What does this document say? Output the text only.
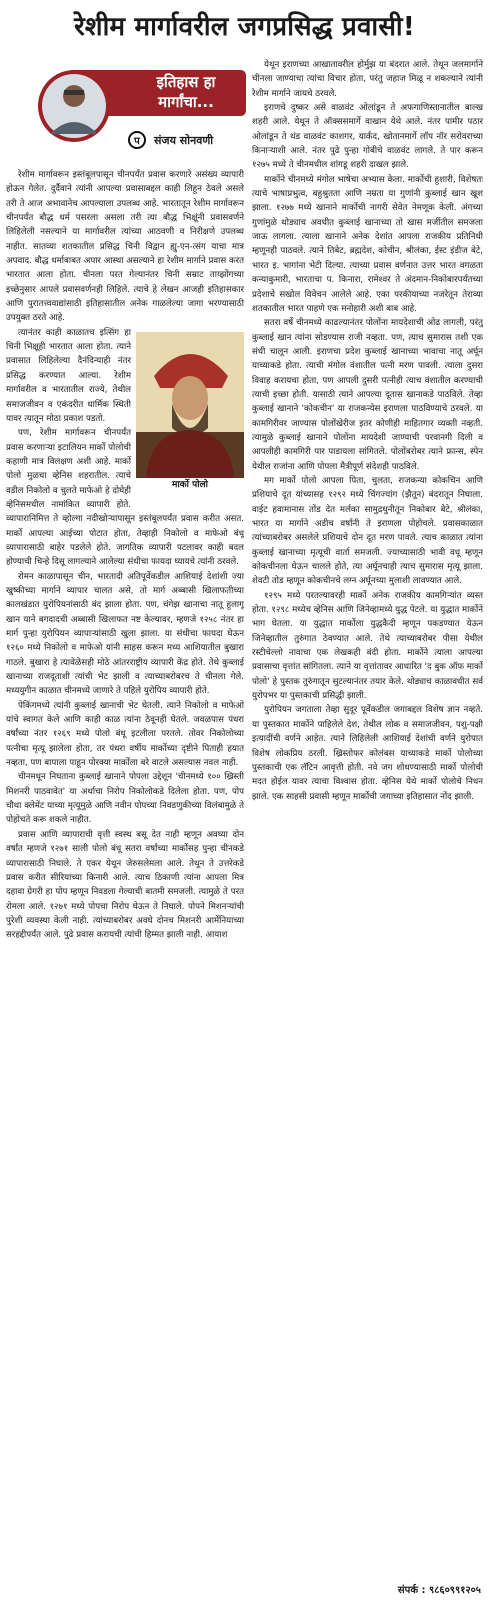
रेशीम मार्गावरील जगप्रसिद्ध प्रवासी!
इतिहास हा मार्गांचा...
प	संजय सोनवणी

रेशीम मार्गावरून इस्तंबूलपासून चीनपर्यंत प्रवास करणारे असंख्य व्यापारी होऊन गेलेत. दुर्दैवाने त्यांनी आपल्या प्रवासाबद्दल काही लिहून ठेवले असले तरी ते आज अभावानेच आपल्याला उपलब्ध आहे. भारतातून रेशीम मार्गावरून चीनपर्यंत बौद्ध धर्म पसरला असला तरी त्या बौद्ध भिक्षूंनी प्रवासवर्णने लिहिलेली नसल्याने या मार्गावरील त्यांच्या आठवणी व निरीक्षणे उपलब्ध नाहीत. सातव्या शतकातील प्रसिद्ध चिनी विद्वान ह्यु-एन-त्संग याचा मात्र अपवाद. बौद्ध धर्माबाबत अपार आस्था असल्याने हा रेशीम मार्गाने प्रवास करत भारतात आला होता. चीनला परत गेल्यानंतर चिनी सम्राट ताय्झोंगच्या इच्छेनुसार आपले प्रवासवर्णनही लिहिले. त्याचे हे लेखन आजही इतिहासकार आणि पुरातत्त्ववाद्यांसाठी इतिहासातील अनेक गाळलेल्या जागा भरण्यासाठी उपयुक्त ठरते आहे.

मार्को पोलो

त्यानंतर काही काळातच इत्सिंग हा चिनी भिक्षूही भारतात आला होता. त्याने प्रवासात लिहिलेल्या दैनंदिन्याही नंतर प्रसिद्ध करण्यात आल्या. रेशीम मार्गावरील व भारतातील राज्ये, तेथील समाजजीवन व एकंदरीत धार्मिक स्थिती यावर त्यातून मोठा प्रकाश पडतो.

पण, रेशीम मार्गावरून चीनपर्यंत प्रवास करणाऱ्या इटालियन मार्को पोलोची कहाणी मात्र विलक्षण अशी आहे. मार्को पोलो मुळचा व्हेनिस शहरातील. त्याचे वडील निकोलो व चुलते माफेओ हे दोघेही व्हेनिसमधील नामांकित व्यापारी होते. व्यापारानिमित्त ते व्होल्गा नदीखोऱ्यापासून इस्तंबूलपर्यंत प्रवास करीत असत. मार्को आपल्या आईच्या पोटात होता, तेव्हाही निकोलो व माफेओ बंधू व्यापारासाठी बाहेर पडलेले होते. जागतिक व्यापारी पटलावर काही बदल होण्याची चिन्हे दिसू लागल्याने आलेल्या संधीचा फायदा घ्यायचे त्यांनी ठरवले.

रोमन काळापासून चीन, भारतादी अतिपूर्वेकडील आशियाई देशांशी ज्या खुष्कीच्या मार्गाने व्यापार चालत असे, तो मार्ग अब्बासी खिलाफतीच्या कालखंडात युरोपियनांसाठी बंद झाला होता. पण, चंगेझ खानाचा नातू हुलागू खान याने बगदादची अब्बासी खिलाफत नष्ट केल्यावर, म्हणजे १२५८ नंतर हा मार्ग पुन्हा युरोपियन व्यापाऱ्यांसाठी खुला झाला. या संधीचा फायदा घेऊन १२६० मध्ये निकोलो व माफेओ यांनी साहस करून मध्य आशियातील बुखारा गाठले. बुखारा हे त्यावेळेसही मोठे आंतरराष्ट्रीय व्यापारी केंद्र होते. तेथे कुब्लाई खानाच्या राजदूताशी त्यांची भेट झाली व त्याच्याबरोबरच ते चीनला गेले. मध्ययुगीन काळात चीनमध्ये जाणारे ते पहिले युरोपिय व्यापारी होते.

पेकिंगमध्ये त्यांनी कुब्लाई खानाची भेट घेतली. त्याने निकोलो व माफेओ यांचे स्वागत केले आणि काही काळ त्यांना ठेवूनही घेतले. जवळपास पंधरा वर्षांच्या नंतर १२६९ मध्ये पोलो बंधू इटलीला परतले. तोवर निकोलोच्या पत्नीचा मृत्यू झालेला होता, तर पंधरा वर्षीय मार्कोच्या दृष्टीने पिताही हयात नव्हता, पण बापाला पाहून पोरक्या मार्कोला बरे वाटले असल्यास नवल नाही.

चीनमधून निघताना कुब्लाई खानाने पोपला उद्देशून 'चीनमध्ये १०० ख्रिस्ती मिशनरी पाठवावेत' या अर्थाचा निरोप निकोलोकडे दिलेला होता. पण, पोप चौथा क्लेमेंट याच्या मृत्यूमुळे आणि नवीन पोपच्या निवडणुकीच्या विलंबामुळे ते पोहोचते करू शकले नाहीत.

प्रवास आणि व्यापाराची वृत्ती स्वस्थ बसू देत नाही म्हणून अवघ्या दोन वर्षांत म्हणजे १२७१ साली पोलो बंधू सतरा वर्षांच्या मार्कोसह पुन्हा चीनकडे व्यापारासाठी निघाले. ते एकर येथून जेरुसलेमला आले. तेथून ते उत्तरेकडे प्रवास करीत सीरियाच्या किनारी आले. त्याच ठिकाणी त्यांना आपला मित्र दहावा ग्रेगरी हा पोप म्हणून निवडला गेल्याची बातमी समजली. त्यामुळे ते परत रोमला आले. १२७१ मध्ये पोपचा निरोप घेऊन ते निघाले. पोपने मिशनऱ्यांची पुरेशी व्यवस्था केली नाही. त्यांच्याबरोबर अवघे दोनच मिशनरी आर्मेनियाच्या सरहद्दीपर्यंत आले. पुढे प्रवास करायची त्यांची हिम्मत झाली नाही. आयाश

येथून इराणच्या आखातावरील होर्मुझ या बंदरात आले. तेथून जलमार्गाने चीनला जाण्याचा त्यांचा विचार होता, परंतु जहाज मिळू न शकल्याने त्यांनी रेशीम मार्गाने जायचे ठरवले.

इराणचे दुष्कर असे वाळवंट ओलांडून ते अफगाणिस्तानातील बाल्ख शहरी आले. येथून ते ऑक्ससमार्गे वाखान येथे आले. नंतर पामीर पठार ओलांडून ते थंड वाळवंट काशगर, यार्कंद, खोतानमार्गे लॉप नॉर सरोवराच्या किनाऱ्याशी आले. नंतर पुढे पुन्हा गोबीचे वाळवंट लागले. ते पार करून १२७५ मध्ये ते चीनमधील शांगडू शहरी दाखल झाले.

मार्कोने चीनमध्ये मंगोल भाषेचा अभ्यास केला. मार्कोची हुशारी, विशेषतः त्याचे भाषाप्रभुत्व, बहुश्रुतता आणि नम्रता या गुणांनी कुब्लाई खान खूश झाला. १२७७ मध्ये खानाने मार्कोची नागरी सेवेत नेमणूक केली. अंगच्या गुणांमुळे थोड्याच अवधीत कुब्लाई खानाच्या तो खास मर्जीतील समजला जाऊ लागला. त्याला खानाने अनेक देशांत आपला राजकीय प्रतिनिधी म्हणूनही पाठवले. त्याने तिबेट, ब्रह्मदेश, कोचीन, श्रीलंका, ईस्ट इंडीज बेटे, भारत इ. भागांना भेटी दिल्या. त्याच्या प्रवास वर्णनात उत्तर भारत वगळता कन्याकुमारी, भारताचा प. किनारा, रामेश्वर ते अंदमान-निकोबारपर्यंतच्या प्रदेशाचे सखोल विवेचन आलेले आहे. एका परकीयाच्या नजरेतून तेराव्या शतकातील भारत पाहणे एक मनोहारी अशी बाब आहे.

सतरा वर्षे चीनमध्ये काढल्यानंतर पोलोंना मायदेशाची ओढ लागली, परंतु कुब्लाई खान त्यांना सोडण्यास राजी नव्हता. पण, त्याच सुमारास तशी एक संधी चालून आली. इराणचा प्रदेश कुब्लाई खानाच्या भावाचा नातू अर्घून याच्याकडे होता. त्याची मंगोल वंशातील पत्नी मरण पावली. त्याला दुसरा विवाह करायचा होता, पण आपली दुसरी पत्नीही त्याच वंशातील करण्याची त्याची इच्छा होती. यासाठी त्याने आपल्या दूतास खानाकडे पाठविले. तेव्हा कुब्लाई खानाने 'कोकचीन' या राजकन्येस इराणला पाठविण्याचे ठरवले. या कामगिरीवर जाण्यास पोलोंखेरीज इतर कोणीही माहितगार व्यक्ती नव्हती. त्यामुळे कुब्लाई खानाने पोलोंना मायदेशी जाण्याची परवानगी दिली व आपलीही कामगिरी पार पाडायला सांगितले. पोलोंबरोबर त्याने फ्रान्स, स्पेन येथील राजांना आणि पोपला मैत्रीपूर्ण संदेशही पाठविले.

मग मार्को पोलो आपला पिता, चुलता, राजकन्या कोकचिन आणि प्रशियाचे दूत यांच्यासह १२९२ मध्ये चिंगज्यांग (झैतून) बंदरातून निघाला. वाईट हवामानास तोंड देत मर्लका सामुद्रधुनीतून निकोबार बेटे, श्रीलंका, भारत या मार्गाने अडीच वर्षांनी ते इराणला पोहोचले. प्रवासकाळात त्यांच्याबरोबर असलेले प्रशियाचे दोन दूत मरण पावले. त्याच काळात त्यांना कुब्लाई खानाच्या मृत्यूची वार्ता समजली. ज्याच्यासाठी भावी वधू म्हणून कोकचीनला घेऊन चालले होते, त्या अर्घूनचाही त्याच सुमारास मृत्यू झाला. शेवटी तोड म्हणून कोकचीनचे लग्न अर्घूनच्या मुलाशी लावण्यात आले.

१२९५ मध्ये परतल्यावरही मार्को अनेक राजकीय कामगिऱ्यांत व्यस्त होता. १२९८ मध्येच व्हेनिस आणि जिनेव्हामध्ये युद्ध पेटले. या युद्धात मार्कोने भाग घेतला. या युद्धात मार्कोला युद्धकैदी म्हणून पकडण्यात येऊन जिनेव्हातील तुरुंगात ठेवण्यात आले. तेथे त्याच्याबरोबर पीसा येथील रस्टीचेल्लो नावाचा एक लेखकही बंदी होता. मार्कोने त्याला आपल्या प्रवासाचा वृत्तांत सांगितला. त्याने या वृत्तांतावर आधारित 'द बुक ऑफ मार्को पोलो' हे पुस्तक तुरुंगातून सुटल्यानंतर तयार केले. थोड्याच काळावधीत सर्व युरोपभर या पुस्तकाची प्रसिद्धी झाली.

युरोपियन जगताला तेव्हा सुदूर पूर्वेकडील जगाबद्दल विशेष ज्ञान नव्हते. या पुस्तकात मार्कोने पाहिलेले देश, तेथील लोक व समाजजीवन, पशु-पक्षी इत्यादींची वर्णने आहेत. त्याने लिहिलेली आशियाई देशांची वर्णने युरोपात विशेष लोकप्रिय ठरली. ख्रिस्तोफर कोलंबस याच्याकडे मार्को पोलोच्या पुस्तकाची एक लॅटिन आवृत्ती होती. नवे जग शोधण्यासाठी मार्को पोलोची मदत होईल यावर त्याचा विश्वास होता. व्हेनिस येथे मार्को पोलोचे निधन झाले. एक साहसी प्रवासी म्हणून मार्कोची जगाच्या इतिहासात नोंद झाली.

संपर्क : ९८६०९९१२०५
